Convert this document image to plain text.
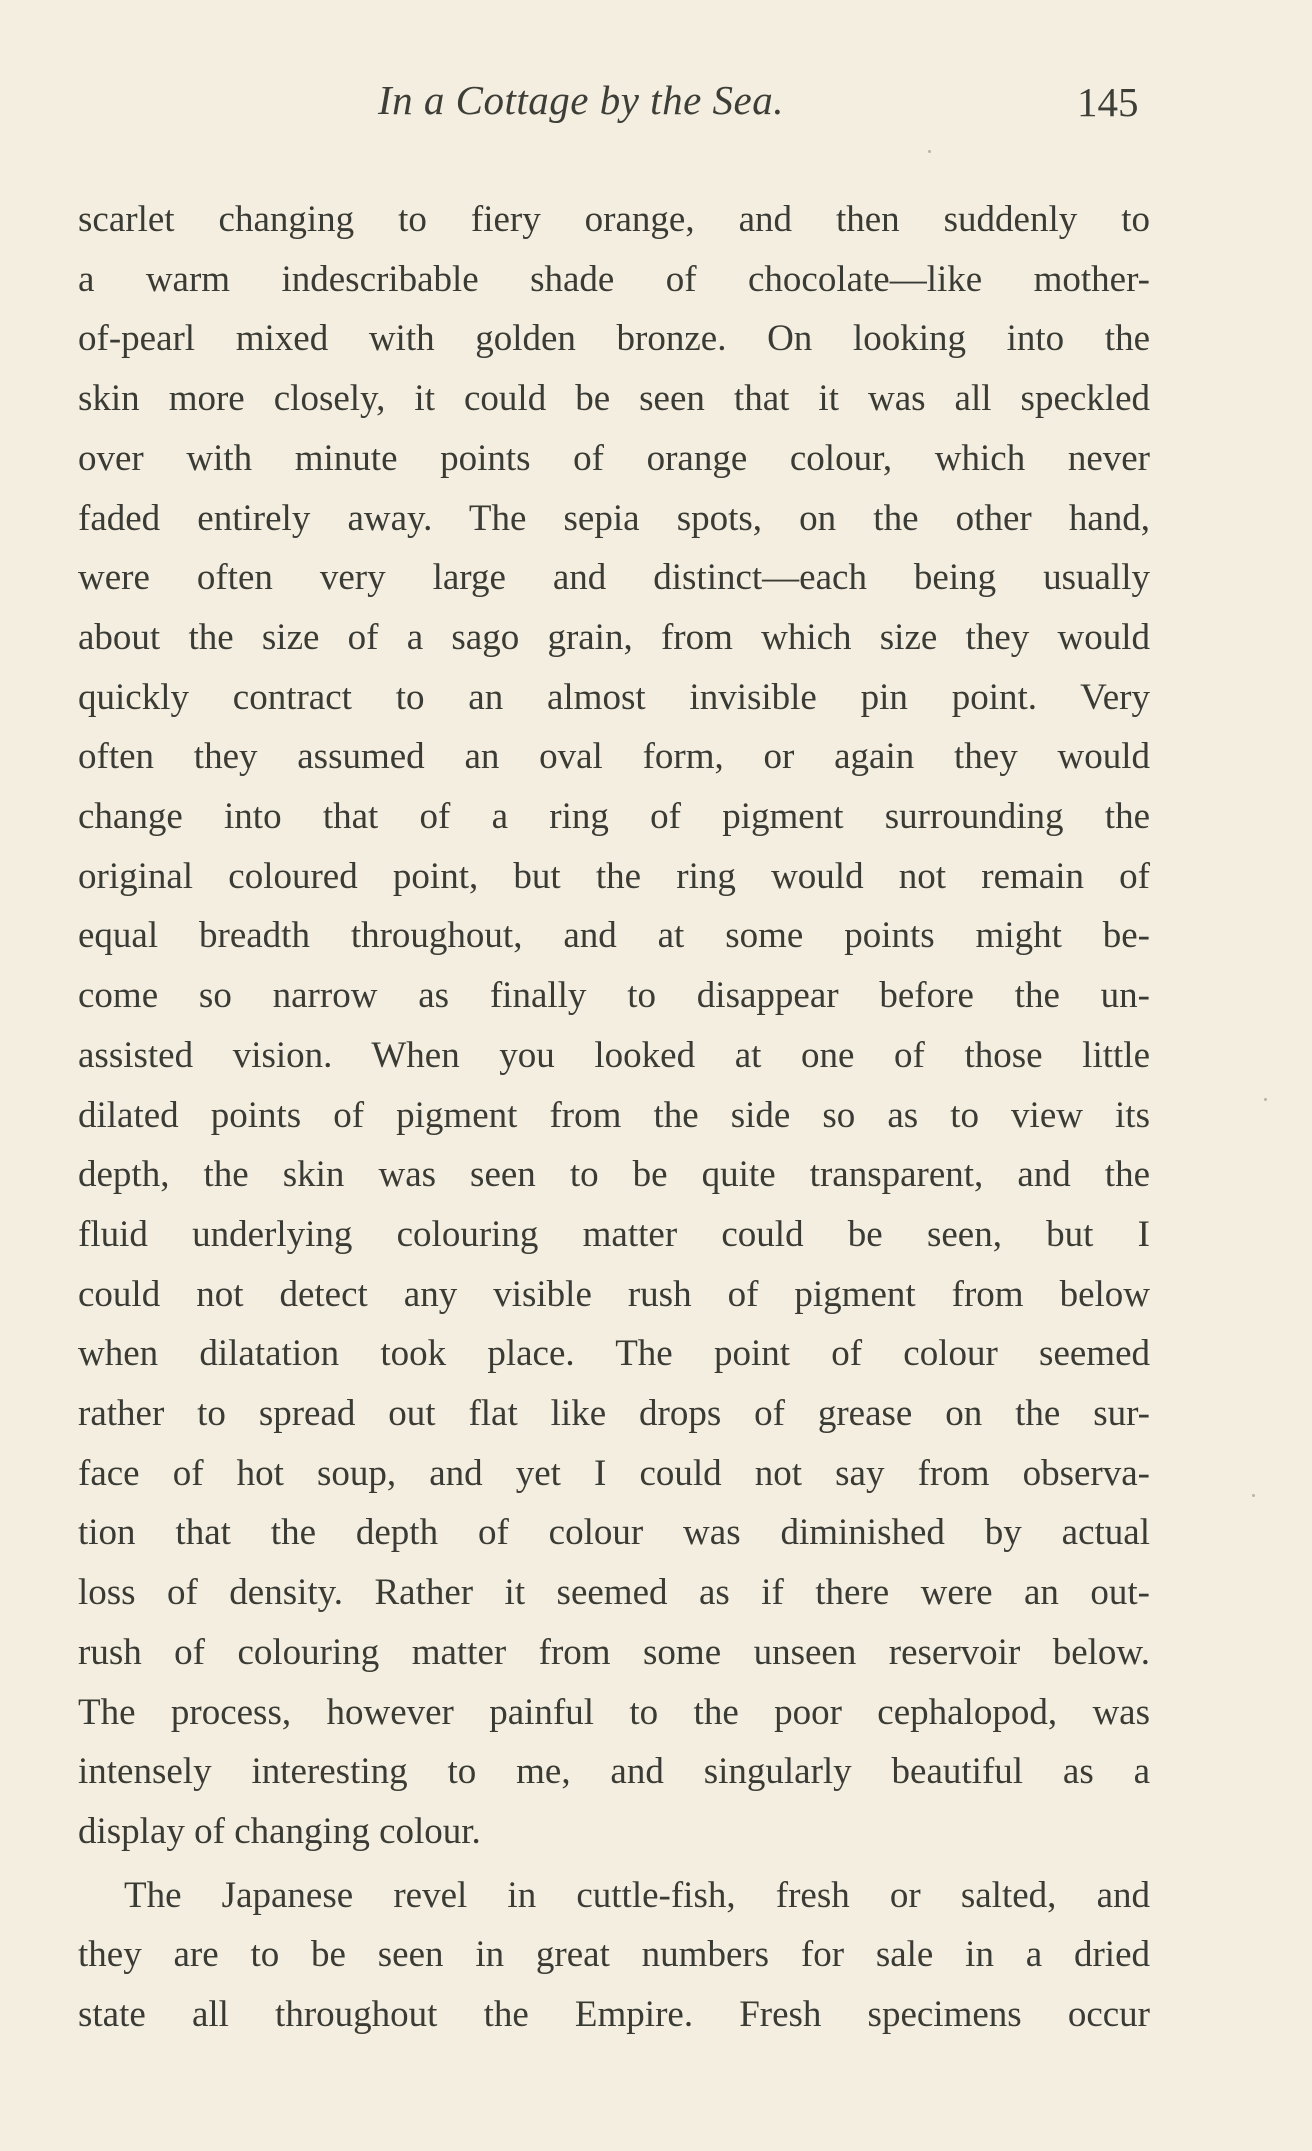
In a Cottage by the Sea.	145
scarlet changing to fiery orange, and then suddenly to
a warm indescribable shade of chocolate—like mother-
of-pearl mixed with golden bronze. On looking into the
skin more closely, it could be seen that it was all speckled
over with minute points of orange colour, which never
faded entirely away. The sepia spots, on the other hand,
were often very large and distinct—each being usually
about the size of a sago grain, from which size they would
quickly contract to an almost invisible pin point. Very
often they assumed an oval form, or again they would
change into that of a ring of pigment surrounding the
original coloured point, but the ring would not remain of
equal breadth throughout, and at some points might be-
come so narrow as finally to disappear before the un-
assisted vision. When you looked at one of those little
dilated points of pigment from the side so as to view its
depth, the skin was seen to be quite transparent, and the
fluid underlying colouring matter could be seen, but I
could not detect any visible rush of pigment from below
when dilatation took place. The point of colour seemed
rather to spread out flat like drops of grease on the sur-
face of hot soup, and yet I could not say from observa-
tion that the depth of colour was diminished by actual
loss of density. Rather it seemed as if there were an out-
rush of colouring matter from some unseen reservoir below.
The process, however painful to the poor cephalopod, was
intensely interesting to me, and singularly beautiful as a
display of changing colour.
The Japanese revel in cuttle-fish, fresh or salted, and
they are to be seen in great numbers for sale in a dried
state all throughout the Empire. Fresh specimens occur
